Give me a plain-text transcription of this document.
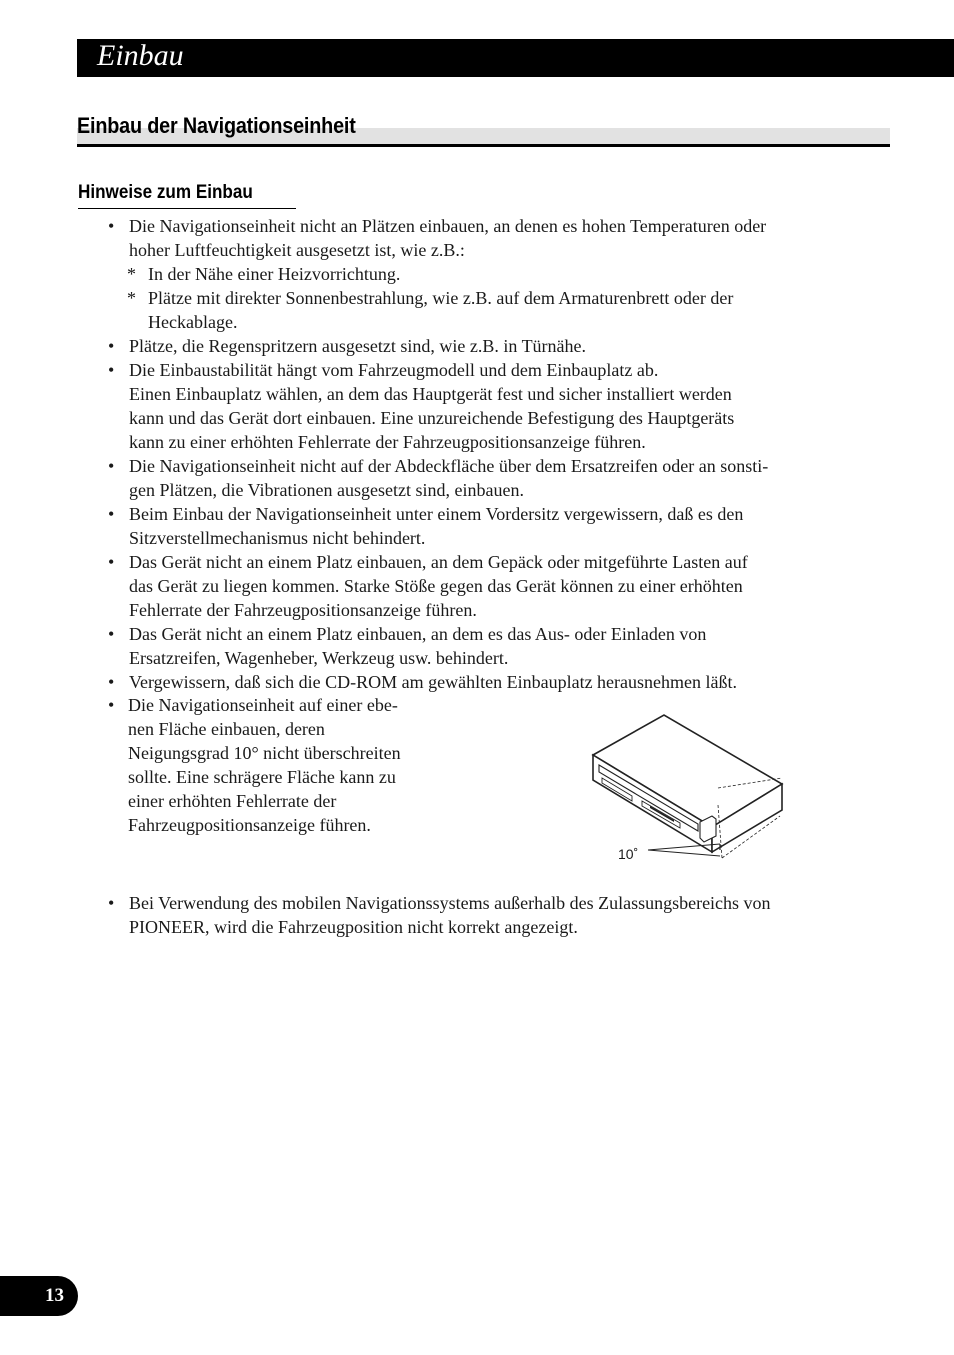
Einbau
Einbau der Navigationseinheit
Hinweise zum Einbau
• Die Navigationseinheit nicht an Plätzen einbauen, an denen es hohen Temperaturen oder
hoher Luftfeuchtigkeit ausgesetzt ist, wie z.B.:
* In der Nähe einer Heizvorrichtung.
* Plätze mit direkter Sonnenbestrahlung, wie z.B. auf dem Armaturenbrett oder der
Heckablage.
• Plätze, die Regenspritzern ausgesetzt sind, wie z.B. in Türnähe.
• Die Einbaustabilität hängt vom Fahrzeugmodell und dem Einbauplatz ab.
Einen Einbauplatz wählen, an dem das Hauptgerät fest und sicher installiert werden
kann und das Gerät dort einbauen. Eine unzureichende Befestigung des Hauptgeräts
kann zu einer erhöhten Fehlerrate der Fahrzeugpositionsanzeige führen.
• Die Navigationseinheit nicht auf der Abdeckfläche über dem Ersatzreifen oder an sonsti-
gen Plätzen, die Vibrationen ausgesetzt sind, einbauen.
• Beim Einbau der Navigationseinheit unter einem Vordersitz vergewissern, daß es den
Sitzverstellmechanismus nicht behindert.
• Das Gerät nicht an einem Platz einbauen, an dem Gepäck oder mitgeführte Lasten auf
das Gerät zu liegen kommen. Starke Stöße gegen das Gerät können zu einer erhöhten
Fehlerrate der Fahrzeugpositionsanzeige führen.
• Das Gerät nicht an einem Platz einbauen, an dem es das Aus- oder Einladen von
Ersatzreifen, Wagenheber, Werkzeug usw. behindert.
• Vergewissern, daß sich die CD-ROM am gewählten Einbauplatz herausnehmen läßt.
• Die Navigationseinheit auf einer ebe-
nen Fläche einbauen, deren
Neigungsgrad 10° nicht überschreiten
sollte. Eine schrägere Fläche kann zu
einer erhöhten Fehlerrate der
Fahrzeugpositionsanzeige führen.
10˚
• Bei Verwendung des mobilen Navigationssystems außerhalb des Zulassungsbereichs von
PIONEER, wird die Fahrzeugposition nicht korrekt angezeigt.
13
